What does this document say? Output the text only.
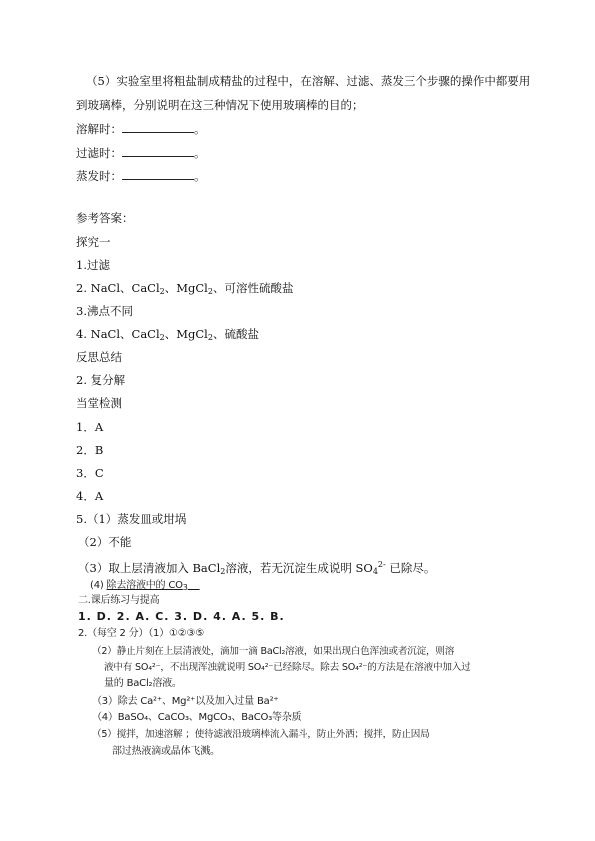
（5）实验室里将粗盐制成精盐的过程中，在溶解、过滤、蒸发三个步骤的操作中都要用
到玻璃棒，分别说明在这三种情况下使用玻璃棒的目的；
溶解时：	。
过滤时：	。
蒸发时：	。
参考答案：
探究一
1.过滤
2. NaCl、CaCl$_2$、MgCl$_2$、可溶性硫酸盐
3.沸点不同
4. NaCl、CaCl$_2$、MgCl$_2$、硫酸盐
反思总结
2. 复分解
当堂检测
1．A
2．B
3．C
4．A
5.（1）蒸发皿或坩埚
（2）不能
（3）取上层清液加入 BaCl$_2$溶液，若无沉淀生成说明 $SO_4^{2-}$ 已除尽。
(4) 除去溶液中的 $CO_3$
二.课后练习与提高
1. D. 2. A. C. 3. D. 4. A. 5. B.
2.（每空 2 分）（1）①②③⑤
（2）静止片刻在上层清液处，滴加一滴 BaCl₂溶液，如果出现白色浑浊或者沉淀，则溶
液中有 SO₄²⁻，不出现浑浊就说明 SO₄²⁻已经除尽。除去 SO₄²⁻的方法是在溶液中加入过
量的 BaCl₂溶液。
（3）除去 Ca²⁺、Mg²⁺以及加入过量 Ba²⁺
（4）BaSO₄、CaCO₃、MgCO₃、BaCO₃等杂质
（5）搅拌，加速溶解 ；使待滤液沿玻璃棒流入漏斗，防止外洒；搅拌，防止因局
部过热液滴或晶体飞溅。
